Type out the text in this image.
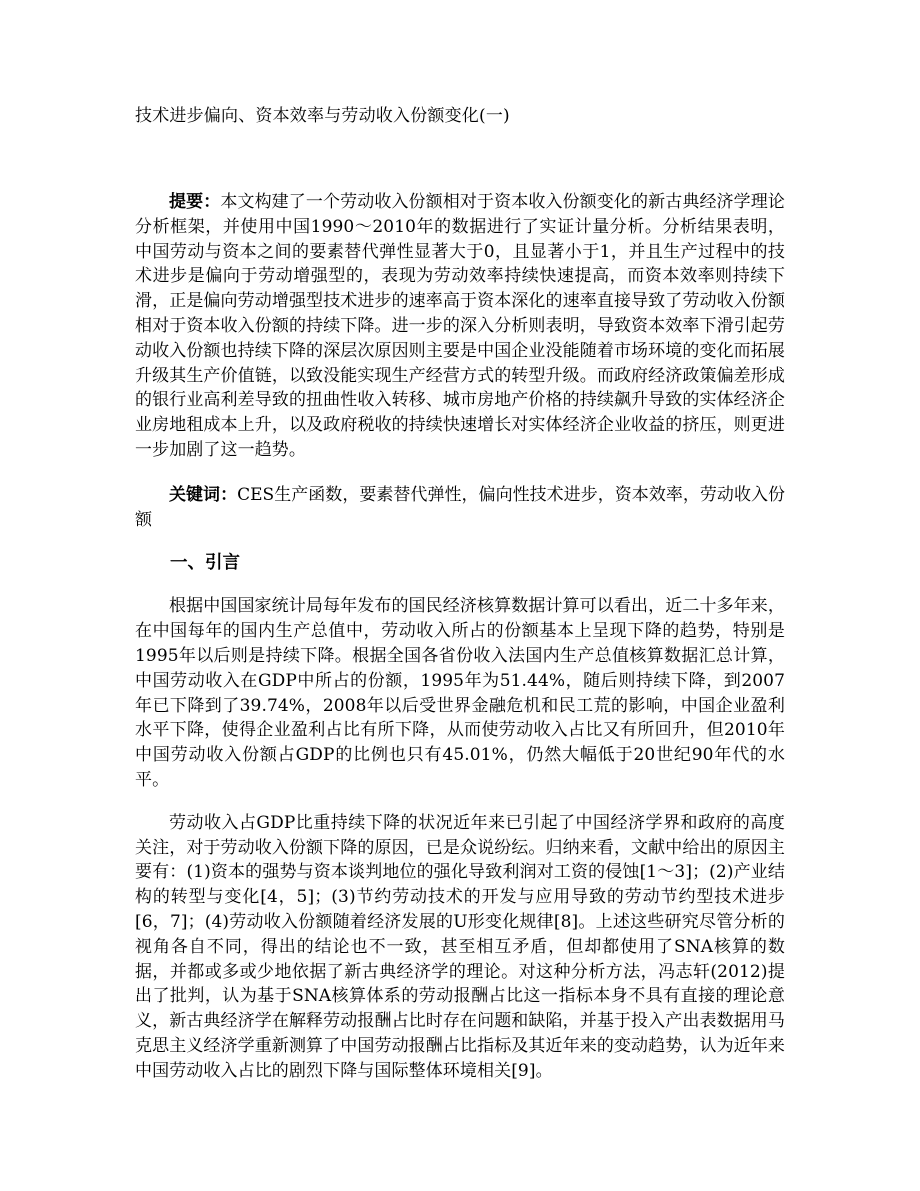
技术进步偏向、资本效率与劳动收入份额变化(一)

提要：本文构建了一个劳动收入份额相对于资本收入份额变化的新古典经济学理论分析框架，并使用中国1990～2010年的数据进行了实证计量分析。分析结果表明，中国劳动与资本之间的要素替代弹性显著大于0，且显著小于1，并且生产过程中的技术进步是偏向于劳动增强型的，表现为劳动效率持续快速提高，而资本效率则持续下滑，正是偏向劳动增强型技术进步的速率高于资本深化的速率直接导致了劳动收入份额相对于资本收入份额的持续下降。进一步的深入分析则表明，导致资本效率下滑引起劳动收入份额也持续下降的深层次原因则主要是中国企业没能随着市场环境的变化而拓展升级其生产价值链，以致没能实现生产经营方式的转型升级。而政府经济政策偏差形成的银行业高利差导致的扭曲性收入转移、城市房地产价格的持续飙升导致的实体经济企业房地租成本上升，以及政府税收的持续快速增长对实体经济企业收益的挤压，则更进一步加剧了这一趋势。

关键词：CES生产函数，要素替代弹性，偏向性技术进步，资本效率，劳动收入份额

一、引言

根据中国国家统计局每年发布的国民经济核算数据计算可以看出，近二十多年来，在中国每年的国内生产总值中，劳动收入所占的份额基本上呈现下降的趋势，特别是1995年以后则是持续下降。根据全国各省份收入法国内生产总值核算数据汇总计算，中国劳动收入在GDP中所占的份额，1995年为51.44%，随后则持续下降，到2007年已下降到了39.74%，2008年以后受世界金融危机和民工荒的影响，中国企业盈利水平下降，使得企业盈利占比有所下降，从而使劳动收入占比又有所回升，但2010年中国劳动收入份额占GDP的比例也只有45.01%，仍然大幅低于20世纪90年代的水平。

劳动收入占GDP比重持续下降的状况近年来已引起了中国经济学界和政府的高度关注，对于劳动收入份额下降的原因，已是众说纷纭。归纳来看，文献中给出的原因主要有：(1)资本的强势与资本谈判地位的强化导致利润对工资的侵蚀[1～3]；(2)产业结构的转型与变化[4，5]；(3)节约劳动技术的开发与应用导致的劳动节约型技术进步[6，7]；(4)劳动收入份额随着经济发展的U形变化规律[8]。上述这些研究尽管分析的视角各自不同，得出的结论也不一致，甚至相互矛盾，但却都使用了SNA核算的数据，并都或多或少地依据了新古典经济学的理论。对这种分析方法，冯志轩(2012)提出了批判，认为基于SNA核算体系的劳动报酬占比这一指标本身不具有直接的理论意义，新古典经济学在解释劳动报酬占比时存在问题和缺陷，并基于投入产出表数据用马克思主义经济学重新测算了中国劳动报酬占比指标及其近年来的变动趋势，认为近年来中国劳动收入占比的剧烈下降与国际整体环境相关[9]。
